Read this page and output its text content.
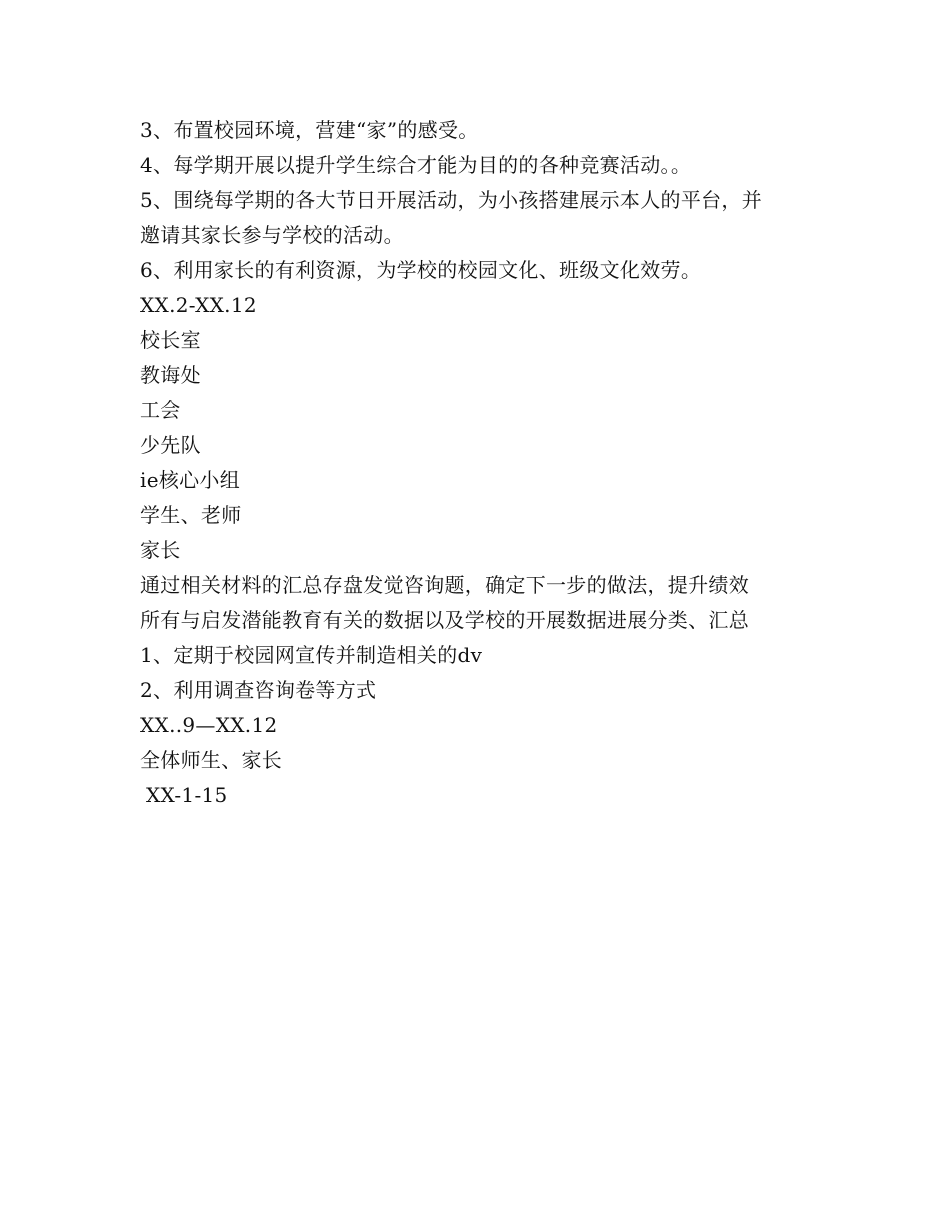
3、布置校园环境，营建“家”的感受。
4、每学期开展以提升学生综合才能为目的的各种竞赛活动。。
5、围绕每学期的各大节日开展活动，为小孩搭建展示本人的平台，并
邀请其家长参与学校的活动。
6、利用家长的有利资源，为学校的校园文化、班级文化效劳。
XX.2-XX.12
校长室
教诲处
工会
少先队
ie核心小组
学生、老师
家长
通过相关材料的汇总存盘发觉咨询题，确定下一步的做法，提升绩效
所有与启发潜能教育有关的数据以及学校的开展数据进展分类、汇总
1、定期于校园网宣传并制造相关的dv
2、利用调查咨询卷等方式
XX..9—XX.12
全体师生、家长
XX-1-15
